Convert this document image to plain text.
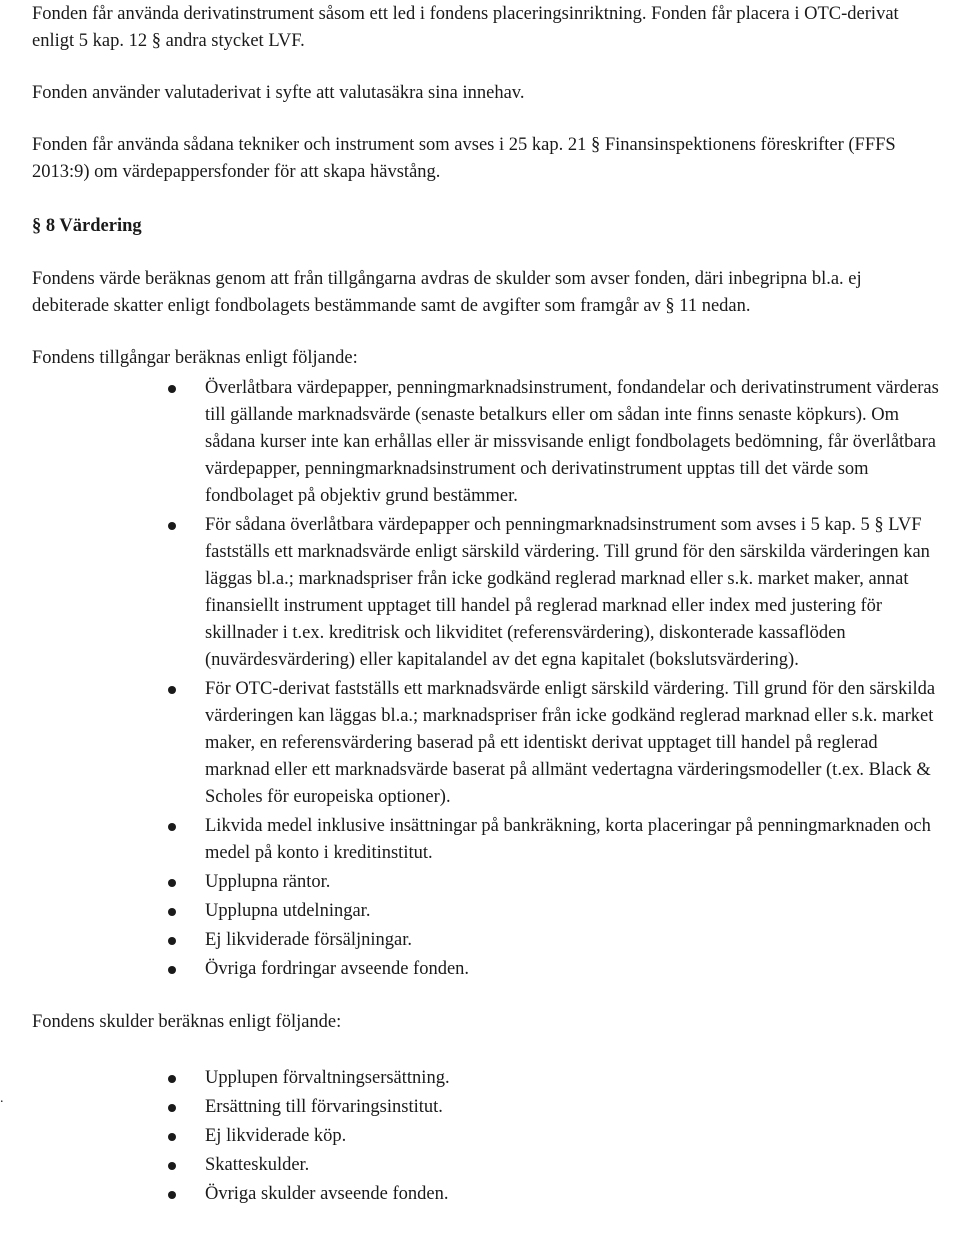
Fonden får använda derivatinstrument såsom ett led i fondens placeringsinriktning. Fonden får placera i OTC-derivat enligt 5 kap. 12 § andra stycket LVF.

Fonden använder valutaderivat i syfte att valutasäkra sina innehav.

Fonden får använda sådana tekniker och instrument som avses i 25 kap. 21 § Finansinspektionens föreskrifter (FFFS 2013:9) om värdepappersfonder för att skapa hävstång.

§ 8 Värdering

Fondens värde beräknas genom att från tillgångarna avdras de skulder som avser fonden, däri inbegripna bl.a. ej debiterade skatter enligt fondbolagets bestämmande samt de avgifter som framgår av § 11 nedan.

Fondens tillgångar beräknas enligt följande:

Överlåtbara värdepapper, penningmarknadsinstrument, fondandelar och derivatinstrument värderas till gällande marknadsvärde (senaste betalkurs eller om sådan inte finns senaste köpkurs). Om sådana kurser inte kan erhållas eller är missvisande enligt fondbolagets bedömning, får överlåtbara värdepapper, penningmarknadsinstrument och derivatinstrument upptas till det värde som fondbolaget på objektiv grund bestämmer.
För sådana överlåtbara värdepapper och penningmarknadsinstrument som avses i 5 kap. 5 § LVF fastställs ett marknadsvärde enligt särskild värdering. Till grund för den särskilda värderingen kan läggas bl.a.; marknadspriser från icke godkänd reglerad marknad eller s.k. market maker, annat finansiellt instrument upptaget till handel på reglerad marknad eller index med justering för skillnader i t.ex. kreditrisk och likviditet (referensvärdering), diskonterade kassaflöden (nuvärdesvärdering) eller kapitalandel av det egna kapitalet (bokslutsvärdering).
För OTC-derivat fastställs ett marknadsvärde enligt särskild värdering. Till grund för den särskilda värderingen kan läggas bl.a.; marknadspriser från icke godkänd reglerad marknad eller s.k. market maker, en referensvärdering baserad på ett identiskt derivat upptaget till handel på reglerad marknad eller ett marknadsvärde baserat på allmänt vedertagna värderingsmodeller (t.ex. Black & Scholes för europeiska optioner).
Likvida medel inklusive insättningar på bankräkning, korta placeringar på penningmarknaden och medel på konto i kreditinstitut.
Upplupna räntor.
Upplupna utdelningar.
Ej likviderade försäljningar.
Övriga fordringar avseende fonden.

Fondens skulder beräknas enligt följande:

Upplupen förvaltningsersättning.
Ersättning till förvaringsinstitut.
Ej likviderade köp.
Skatteskulder.
Övriga skulder avseende fonden.
.
